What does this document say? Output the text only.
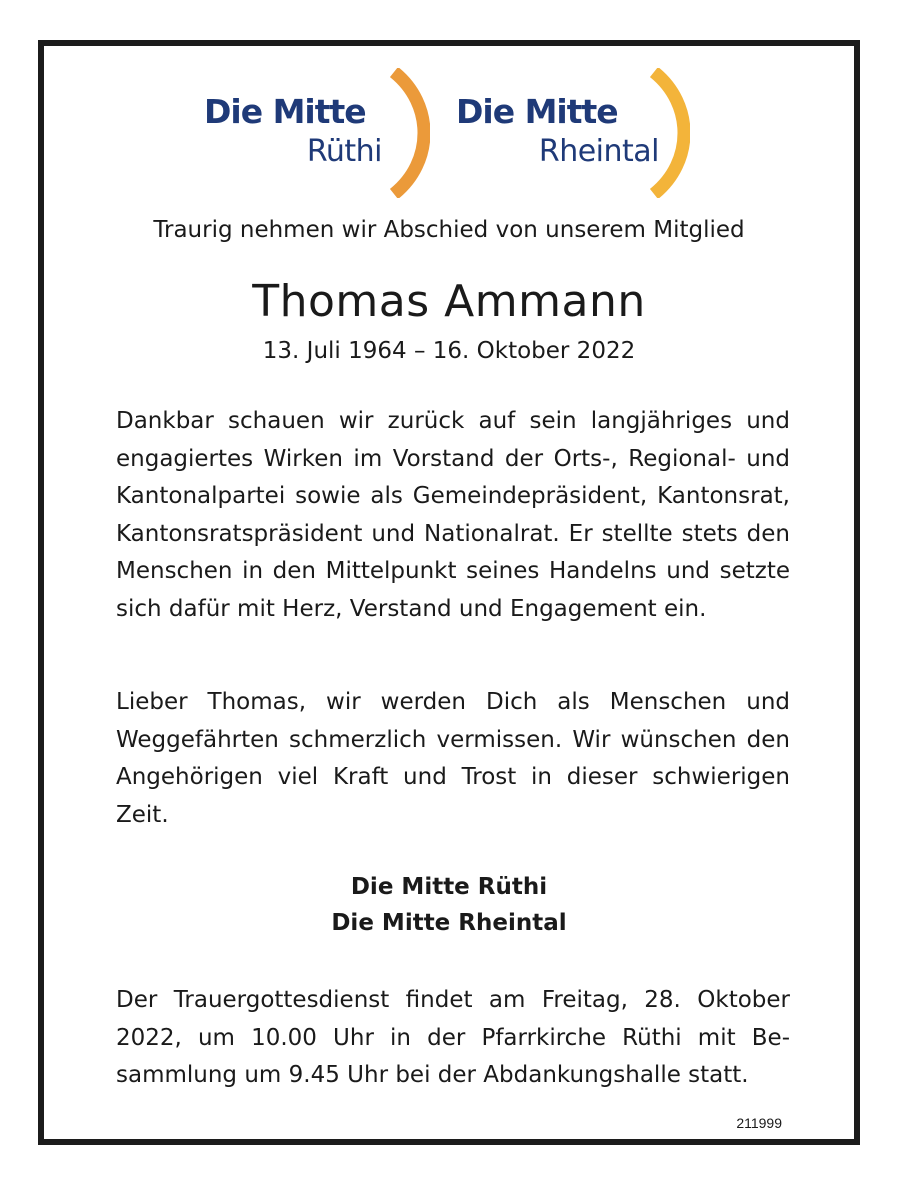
Die Mitte
Rüthi
Die Mitte
Rheintal
Traurig nehmen wir Abschied von unserem Mitglied
Thomas Ammann
13. Juli 1964 – 16. Oktober 2022
Dankbar schauen wir zurück auf sein langjähriges und engagiertes Wirken im Vorstand der Orts-, Regional- und Kantonalpartei sowie als Gemeindepräsident, Kantonsrat, Kantonsratspräsident und Nationalrat. Er stellte stets den Menschen in den Mittelpunkt seines Handelns und setzte sich dafür mit Herz, Verstand und Engagement ein.
Lieber Thomas, wir werden Dich als Menschen und Weggefährten schmerzlich vermissen. Wir wünschen den Angehörigen viel Kraft und Trost in dieser schwierigen Zeit.
Die Mitte Rüthi
Die Mitte Rheintal
Der Trauergottesdienst findet am Freitag, 28. Oktober 2022, um 10.00 Uhr in der Pfarrkirche Rüthi mit Besammlung um 9.45 Uhr bei der Abdankungshalle statt.
211999
